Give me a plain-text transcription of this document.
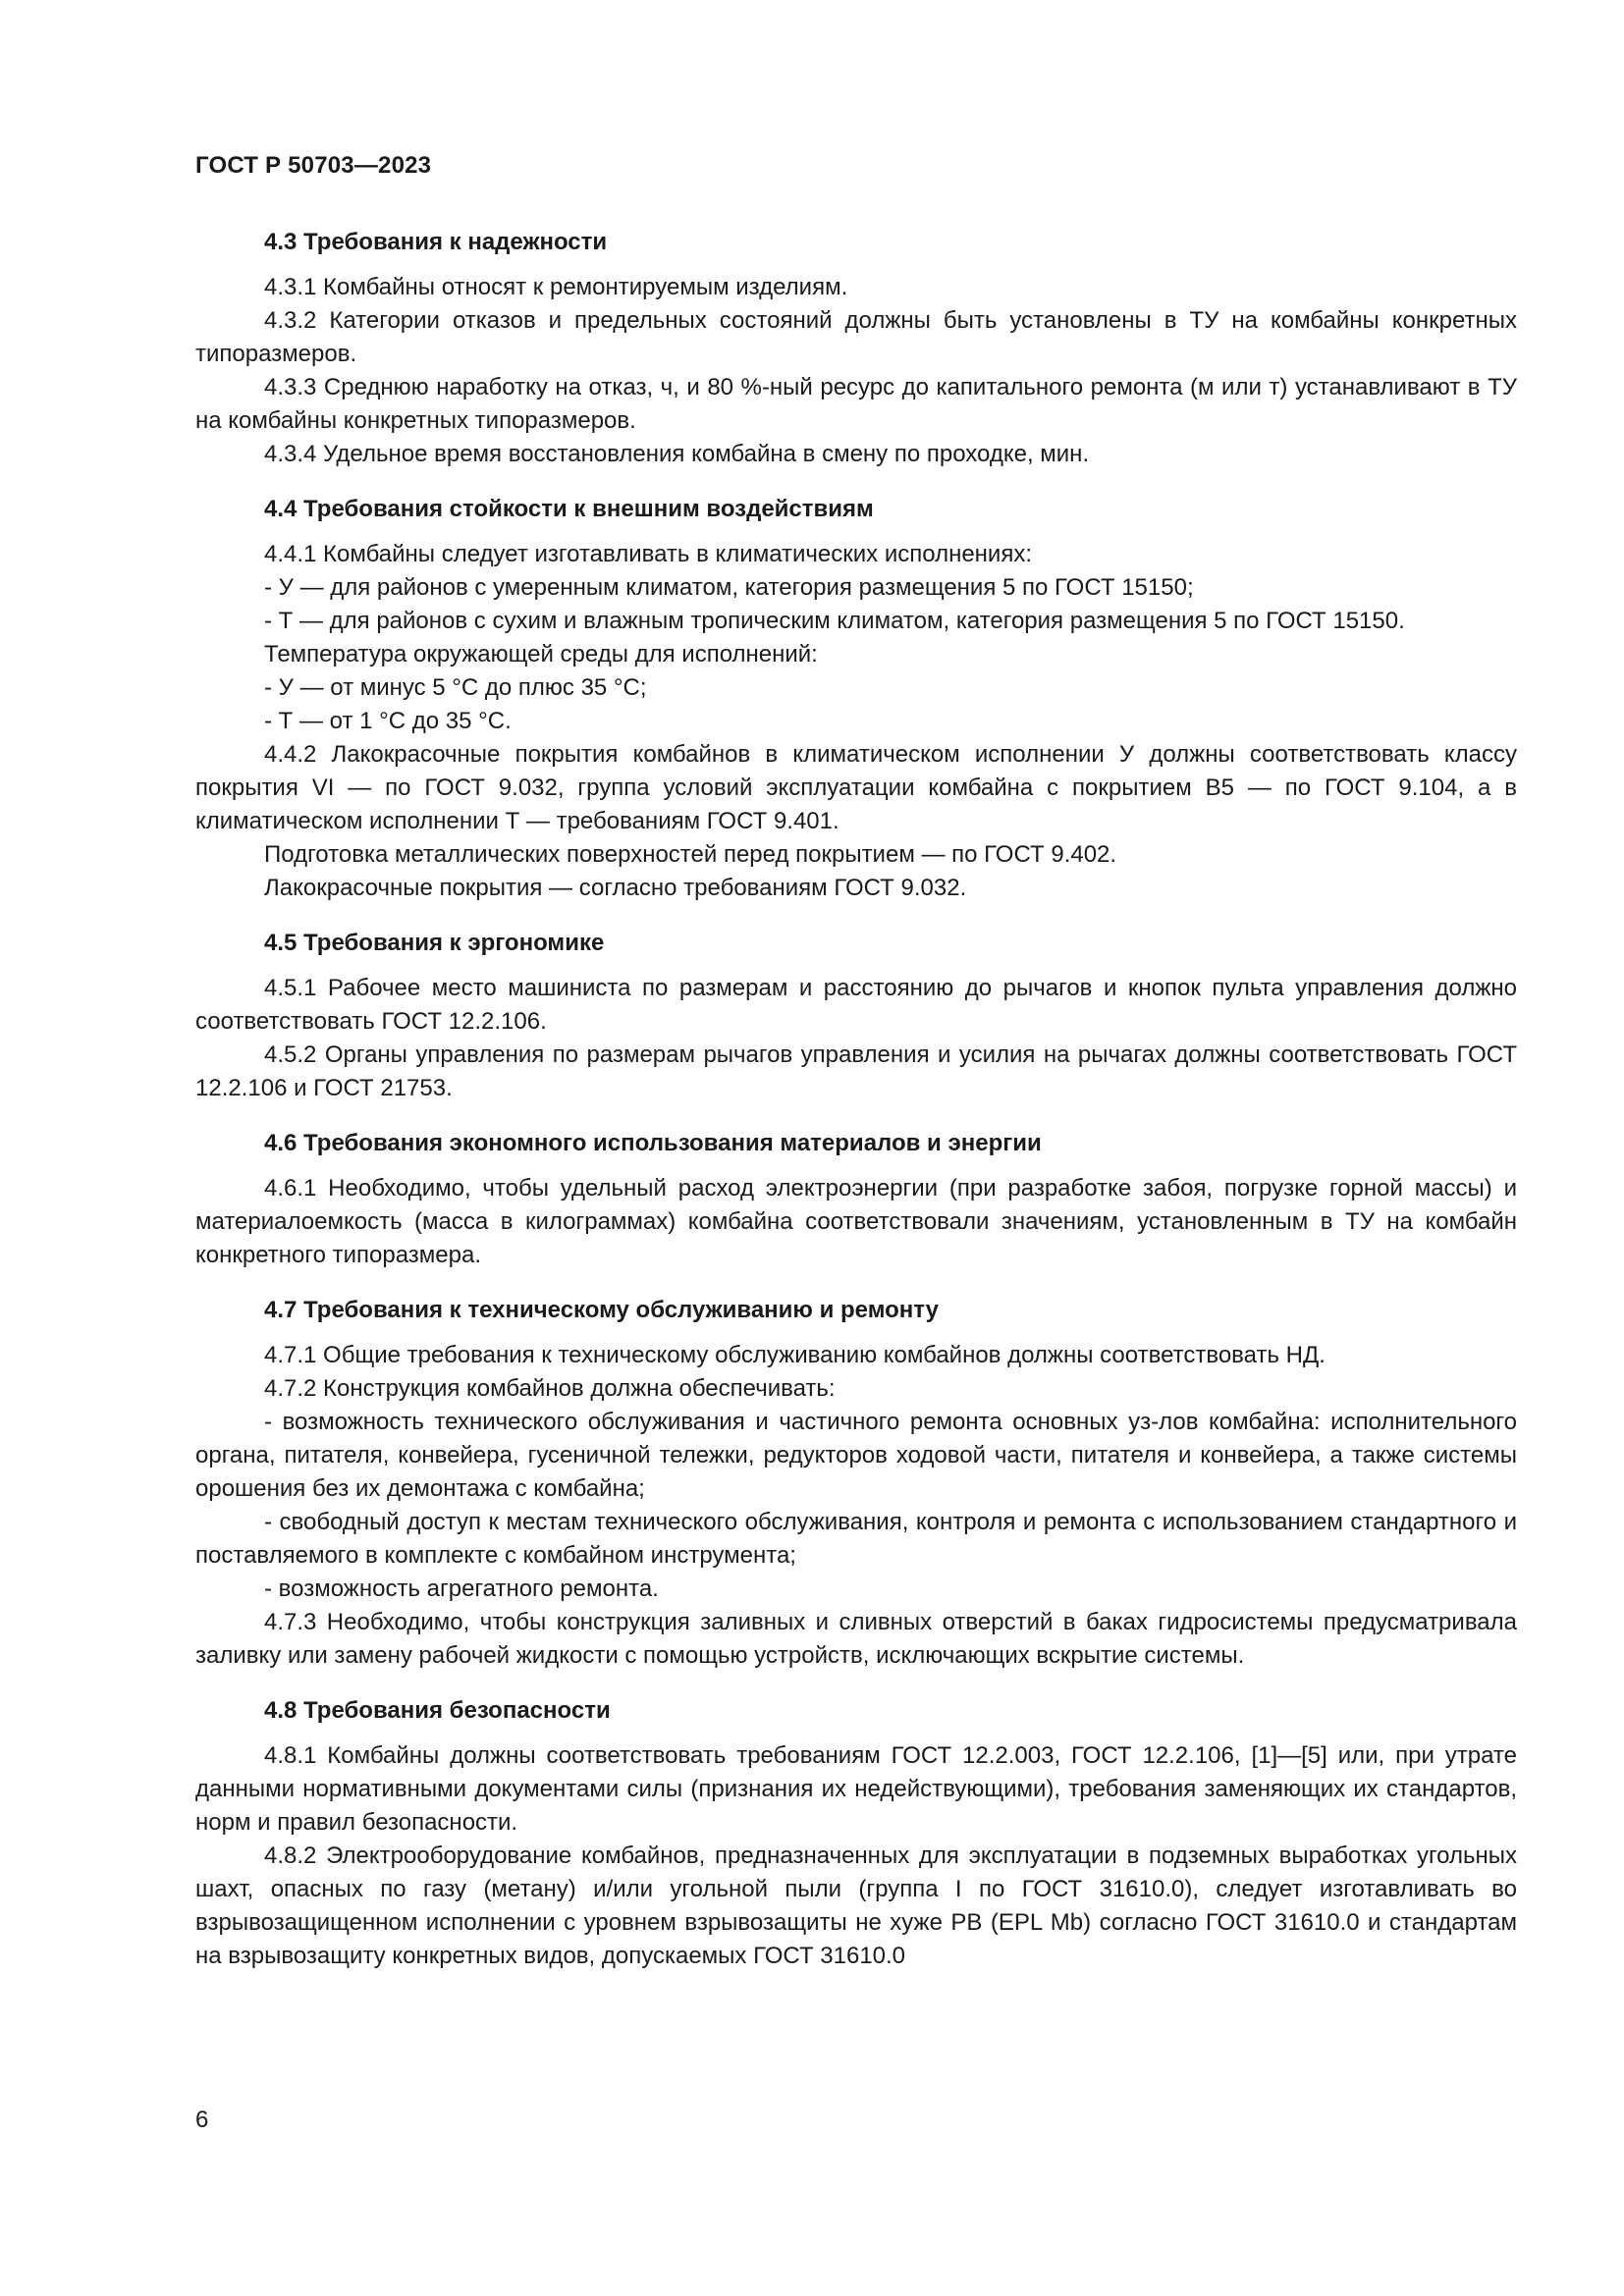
ГОСТ Р 50703—2023
4.3 Требования к надежности

4.3.1 Комбайны относят к ремонтируемым изделиям.

4.3.2 Категории отказов и предельных состояний должны быть установлены в ТУ на комбайны конкретных типоразмеров.

4.3.3 Среднюю наработку на отказ, ч, и 80 %-ный ресурс до капитального ремонта (м или т) устанавливают в ТУ на комбайны конкретных типоразмеров.

4.3.4 Удельное время восстановления комбайна в смену по проходке, мин.

4.4 Требования стойкости к внешним воздействиям

4.4.1 Комбайны следует изготавливать в климатических исполнениях:

- У — для районов с умеренным климатом, категория размещения 5 по ГОСТ 15150;

- Т — для районов с сухим и влажным тропическим климатом, категория размещения 5 по ГОСТ 15150.

Температура окружающей среды для исполнений:

- У — от минус 5 °С до плюс 35 °С;

- Т — от 1 °С до 35 °С.

4.4.2 Лакокрасочные покрытия комбайнов в климатическом исполнении У должны соответствовать классу покрытия VI — по ГОСТ 9.032, группа условий эксплуатации комбайна с покрытием В5 — по ГОСТ 9.104, а в климатическом исполнении Т — требованиям ГОСТ 9.401.

Подготовка металлических поверхностей перед покрытием — по ГОСТ 9.402.

Лакокрасочные покрытия — согласно требованиям ГОСТ 9.032.

4.5 Требования к эргономике

4.5.1 Рабочее место машиниста по размерам и расстоянию до рычагов и кнопок пульта управления должно соответствовать ГОСТ 12.2.106.

4.5.2 Органы управления по размерам рычагов управления и усилия на рычагах должны соответствовать ГОСТ 12.2.106 и ГОСТ 21753.

4.6 Требования экономного использования материалов и энергии

4.6.1 Необходимо, чтобы удельный расход электроэнергии (при разработке забоя, погрузке горной массы) и материалоемкость (масса в килограммах) комбайна соответствовали значениям, установленным в ТУ на комбайн конкретного типоразмера.

4.7 Требования к техническому обслуживанию и ремонту

4.7.1 Общие требования к техническому обслуживанию комбайнов должны соответствовать НД.

4.7.2 Конструкция комбайнов должна обеспечивать:

- возможность технического обслуживания и частичного ремонта основных уз-лов комбайна: исполнительного органа, питателя, конвейера, гусеничной тележки, редукторов ходовой части, питателя и конвейера, а также системы орошения без их демонтажа с комбайна;

- свободный доступ к местам технического обслуживания, контроля и ремонта с использованием стандартного и поставляемого в комплекте с комбайном инструмента;

- возможность агрегатного ремонта.

4.7.3 Необходимо, чтобы конструкция заливных и сливных отверстий в баках гидросистемы предусматривала заливку или замену рабочей жидкости с помощью устройств, исключающих вскрытие системы.

4.8 Требования безопасности

4.8.1 Комбайны должны соответствовать требованиям ГОСТ 12.2.003, ГОСТ 12.2.106, [1]—[5] или, при утрате данными нормативными документами силы (признания их недействующими), требования заменяющих их стандартов, норм и правил безопасности.

4.8.2 Электрооборудование комбайнов, предназначенных для эксплуатации в подземных выработках угольных шахт, опасных по газу (метану) и/или угольной пыли (группа I по ГОСТ 31610.0), следует изготавливать во взрывозащищенном исполнении с уровнем взрывозащиты не хуже РВ (EPL Mb) согласно ГОСТ 31610.0 и стандартам на взрывозащиту конкретных видов, допускаемых ГОСТ 31610.0

6
